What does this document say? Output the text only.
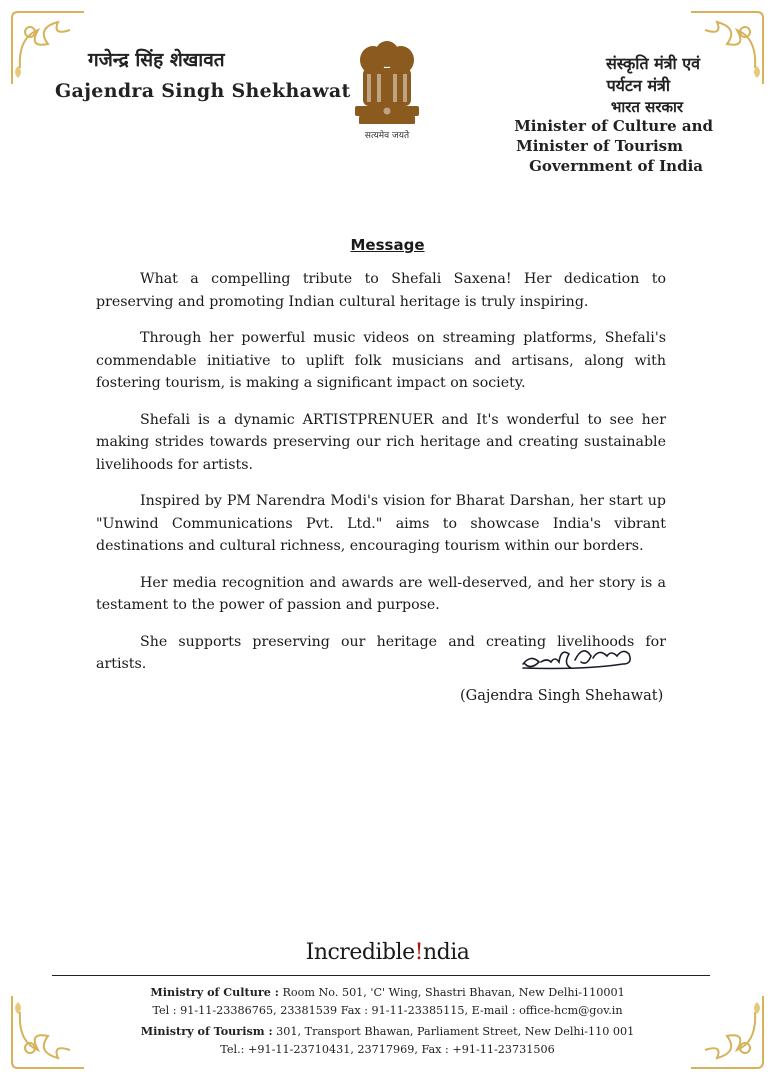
गजेन्द्र सिंह शेखावत
Gajendra Singh Shekhawat
सत्यमेव जयते
संस्कृति मंत्री एवं
पर्यटन मंत्री
भारत सरकार
Minister of Culture and
Minister of Tourism
Government of India
Message

What a compelling tribute to Shefali Saxena! Her dedication to preserving and promoting Indian cultural heritage is truly inspiring.

Through her powerful music videos on streaming platforms, Shefali's commendable initiative to uplift folk musicians and artisans, along with fostering tourism, is making a significant impact on society.

Shefali is a dynamic ARTISTPRENUER and It's wonderful to see her making strides towards preserving our rich heritage and creating sustainable livelihoods for artists.

Inspired by PM Narendra Modi's vision for Bharat Darshan, her start up "Unwind Communications Pvt. Ltd." aims to showcase India's vibrant destinations and cultural richness, encouraging tourism within our borders.

Her media recognition and awards are well-deserved, and her story is a testament to the power of passion and purpose.

She supports preserving our heritage and creating livelihoods for artists.

(Gajendra Singh Shehawat)
Incredible!ndia
Ministry of Culture : Room No. 501, 'C' Wing, Shastri Bhavan, New Delhi-110001
Tel : 91-11-23386765, 23381539 Fax : 91-11-23385115, E-mail : office-hcm@gov.in
Ministry of Tourism : 301, Transport Bhawan, Parliament Street, New Delhi-110 001
Tel.: +91-11-23710431, 23717969, Fax : +91-11-23731506
